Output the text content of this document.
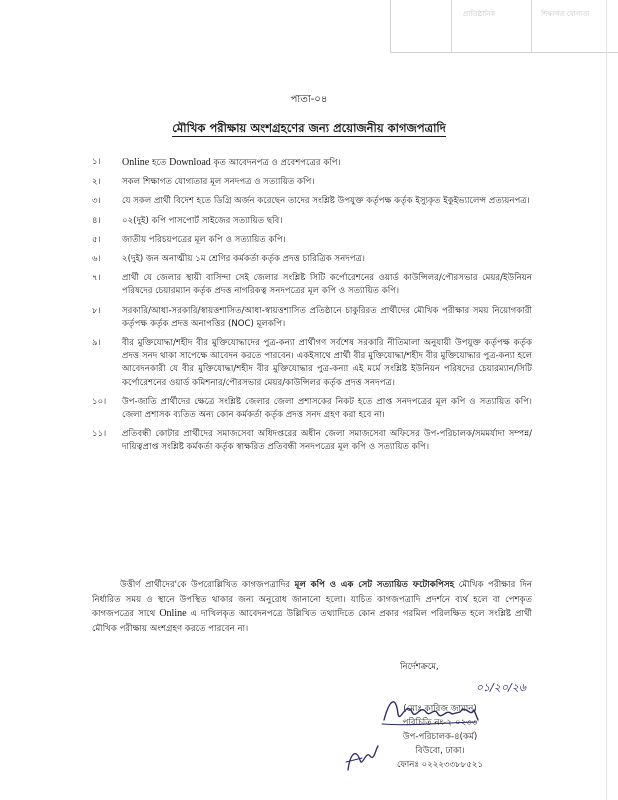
প্রাতিষ্ঠানিক	শিক্ষাগত যোগ্যতা
পাতা-০৪
মৌখিক পরীক্ষায় অংশগ্রহণের জন্য প্রয়োজনীয় কাগজপত্রাদি
১। Online হতে Download কৃত আবেদনপত্র ও প্রবেশপত্রের কপি।
২। সকল শিক্ষাগত যোগ্যতার মূল সনদপত্র ও সত্যায়িত কপি।
৩। যে সকল প্রার্থী বিদেশ হতে ডিগ্রি অর্জন করেছেন তাদের সংশ্লিষ্ট উপযুক্ত কর্তৃপক্ষ কর্তৃক ইস্যুকৃত ইকুইভ্যালেন্স প্রত্যয়নপত্র।
৪। ০২(দুই) কপি পাসপোর্ট সাইজের সত্যায়িত ছবি।
৫। জাতীয় পরিচয়পত্রের মূল কপি ও সত্যায়িত কপি।
৬। ২(দুই) জন অনাত্মীয় ১ম শ্রেণির কর্মকর্তা কর্তৃক প্রদত্ত চারিত্রিক সনদপত্র।
৭। প্রার্থী যে জেলার স্থায়ী বাসিন্দা সেই জেলার সংশ্লিষ্ট সিটি কর্পোরেশনের ওয়ার্ড কাউন্সিলর/পৌরসভার মেয়র/ইউনিয়ন পরিষদের চেয়ারম্যান কর্তৃক প্রদত্ত নাগরিকত্ব সনদপত্রের মূল কপি ও সত্যায়িত কপি।
৮। সরকারি/আধা-সরকারি/স্বায়ত্তশাসিত/আধা-স্বায়ত্তশাসিত প্রতিষ্ঠানে চাকুরিরত প্রার্থীদের মৌখিক পরীক্ষার সময় নিয়োগকারী কর্তৃপক্ষ কর্তৃক প্রদত্ত অনাপত্তির (NOC) মূলকপি।
৯। বীর মুক্তিযোদ্ধা/শহীদ বীর মুক্তিযোদ্ধাদের পুত্র-কন্যা প্রার্থীগণ সর্বশেষ সরকারি নীতিমালা অনুযায়ী উপযুক্ত কর্তৃপক্ষ কর্তৃক প্রদত্ত সনদ থাকা সাপেক্ষে আবেদন করতে পারবেন। একইসাথে প্রার্থী বীর মুক্তিযোদ্ধা/শহীদ বীর মুক্তিযোদ্ধার পুত্র-কন্যা হলে আবেদনকারী যে বীর মুক্তিযোদ্ধা/শহীদ বীর মুক্তিযোদ্ধার পুত্র-কন্যা এই মর্মে সংশ্লিষ্ট ইউনিয়ন পরিষদের চেয়ারম্যান/সিটি কর্পোরেশনের ওয়ার্ড কমিশনার/পৌরসভার মেয়র/কাউন্সিলর কর্তৃক প্রদত্ত সনদপত্র।
১০। উপ-জাতি প্রার্থীদের ক্ষেত্রে সংশ্লিষ্ট জেলার জেলা প্রশাসকের নিকট হতে প্রাপ্ত সনদপত্রের মূল কপি ও সত্যায়িত কপি। জেলা প্রশাসক ব্যতিত অন্য কোন কর্মকর্তা কর্তৃক প্রদত্ত সনদ গ্রহণ করা হবে না।
১১। প্রতিবন্ধী কোটার প্রার্থীদের সমাজসেবা অধিদপ্তরের অধীন জেলা সমাজসেবা অফিসের উপ-পরিচালক/সমমর্যাদা সম্পন্ন/দায়িত্বপ্রাপ্ত সংশ্লিষ্ট কর্মকর্তা কর্তৃক স্বাক্ষরিত প্রতিবন্ধী সনদপত্রের মূল কপি ও সত্যায়িত কপি।
উত্তীর্ণ প্রার্থীদের'কে উপরোল্লিখিত কাগজপত্রাদির মূল কপি ও এক সেট সত্যায়িত ফটোকপিসহ মৌখিক পরীক্ষার দিন নির্ধারিত সময় ও স্থানে উপস্থিত থাকার জন্য অনুরোধ জানানো হলো। যাচিত কাগজপত্রাদি প্রদর্শনে ব্যর্থ হলে বা পেশকৃত কাগজপত্রের সাথে Online এ দাখিলকৃত আবেদনপত্রে উল্লিখিত তথ্যাদিতে কোন প্রকার গরমিল পরিলক্ষিত হলে সংশ্লিষ্ট প্রার্থী মৌখিক পরীক্ষায় অংশগ্রহণ করতে পারবেন না।
নির্দেশক্রমে,
০১/২০/২৬
(মোঃ কারিজ জামান)
পরিচিতি নং-২-০২৩৩
উপ-পরিচালক-৪(কর্ম)
বিউবো, ঢাকা।
ফোনঃ ০২২২৩৩৮৮৫২১
